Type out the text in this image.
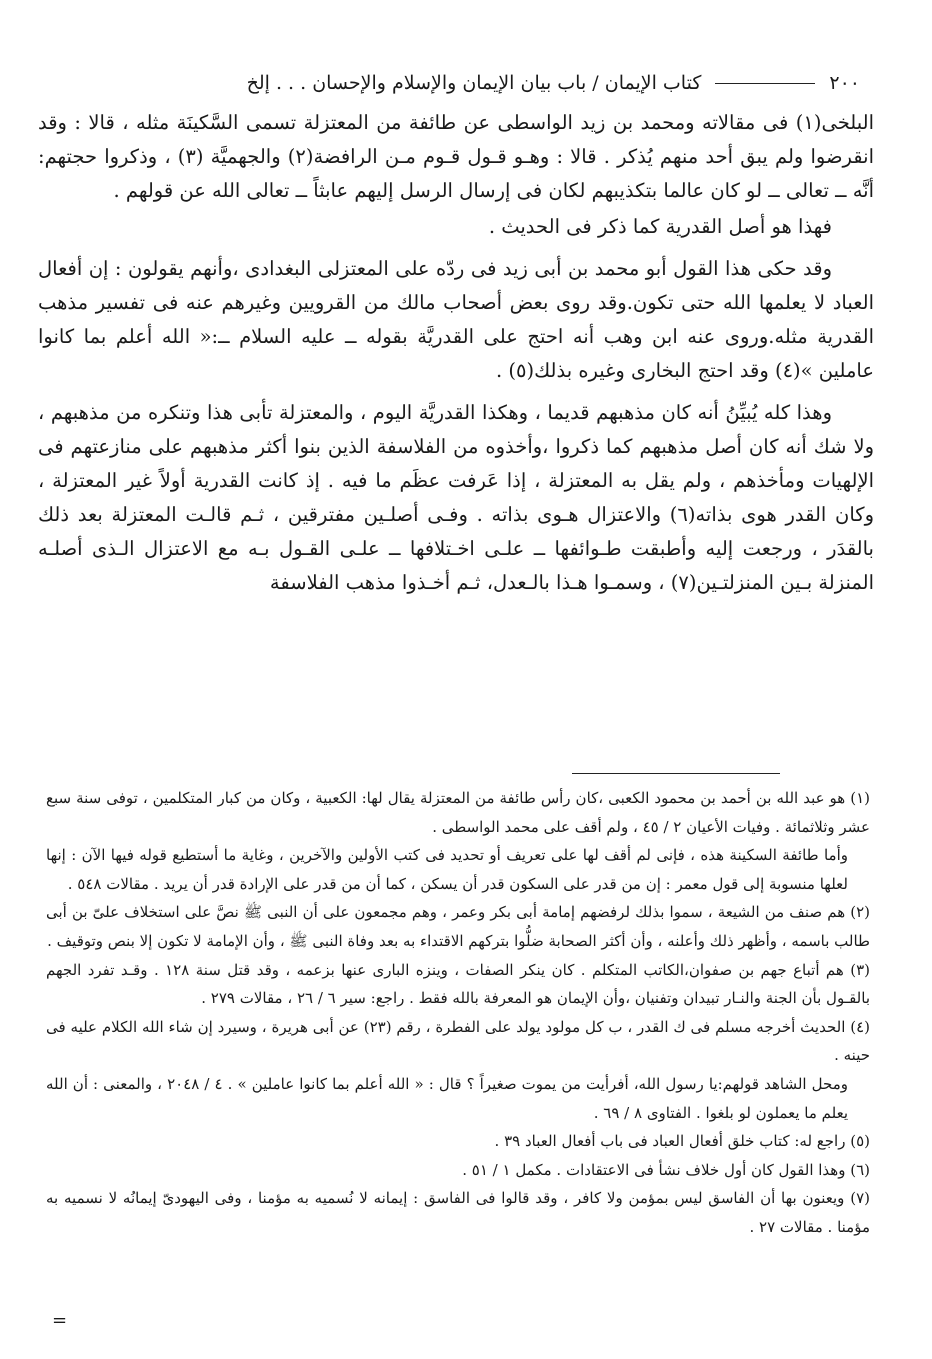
٢٠٠
كتاب الإيمان / باب بيان الإيمان والإسلام والإحسان . . . إلخ

البلخى(١) فى مقالاته ومحمد بن زيد الواسطى عن طائفة من المعتزلة تسمى السَّكينَة مثله ، قالا : وقد انقرضوا ولم يبق أحد منهم يُذكر . قالا : وهـو قـول قـوم مـن الرافضة(٢) والجهميَّة (٣) ، وذكروا حجتهم: أنَّه ــ تعالى ــ لو كان عالما بتكذيبهم لكان فى إرسال الرسل إليهم عابثاً ــ تعالى الله عن قولهم .

فهذا هو أصل القدرية كما ذكر فى الحديث .

وقد حكى هذا القول أبو محمد بن أبى زيد فى ردّه على المعتزلى البغدادى ،وأنهم يقولون : إن أفعال العباد لا يعلمها الله حتى تكون.وقد روى بعض أصحاب مالك من القرويين وغيرهم عنه فى تفسير مذهب القدرية مثله.وروى عنه ابن وهب أنه احتج على القدريَّة بقوله ــ عليه السلام ــ:« الله أعلم بما كانوا عاملين »(٤) وقد احتج البخارى وغيره بذلك(٥) .

وهذا كله يُبيِّنُ أنه كان مذهبهم قديما ، وهكذا القدريَّة اليوم ، والمعتزلة تأبى هذا وتنكره من مذهبهم ، ولا شك أنه كان أصل مذهبهم كما ذكروا ،وأخذوه من الفلاسفة الذين بنوا أكثر مذهبهم على منازعتهم فى الإلهيات ومأخذهم ، ولم يقل به المعتزلة ، إذا عَرفت عظَم ما فيه . إذ كانت القدرية أولاً غير المعتزلة ، وكان القدر هوى بذاته(٦) والاعتزال هـوى بذاته . وفـى أصلـين مفترقين ، ثـم قالـت المعتزلة بعد ذلك بالقدَر ، ورجعت إليه وأطبقت طـوائفها ــ علـى اخـتلافها ــ علـى القـول بـه مع الاعتزال الـذى أصلـه المنزلة بـين المنزلتـين(٧) ، وسمـوا هـذا بالـعدل، ثـم أخـذوا مذهب الفلاسفة

(١) هو عبد الله بن أحمد بن محمود الكعبى ،كان رأس طائفة من المعتزلة يقال لها: الكعبية ، وكان من كبار المتكلمين ، توفى سنة سبع عشر وثلاثمائة . وفيات الأعيان ٢ / ٤٥ ، ولم أقف على محمد الواسطى .

وأما طائفة السكينة هذه ، فإنى لم أقف لها على تعريف أو تحديد فى كتب الأولين والآخرين ، وغاية ما أستطيع قوله فيها الآن : إنها لعلها منسوبة إلى قول معمر : إن من قدر على السكون قدر أن يسكن ، كما أن من قدر على الإرادة قدر أن يريد . مقالات ٥٤٨ .

(٢) هم صنف من الشيعة ، سموا بذلك لرفضهم إمامة أبى بكر وعمر ، وهم مجمعون على أن النبى ﷺ نصَّ على استخلاف علىّ بن أبى طالب باسمه ، وأظهر ذلك وأعلنه ، وأن أكثر الصحابة ضلُّوا بتركهم الاقتداء به بعد وفاة النبى ﷺ ، وأن الإمامة لا تكون إلا بنص وتوقيف .

(٣) هم أتباع جهم بن صفوان،الكاتب المتكلم . كان ينكر الصفات ، وينزه البارى عنها بزعمه ، وقد قتل سنة ١٢٨ . وقـد تفرد الجهم بالقـول بأن الجنة والنـار تبيدان وتفنيان ،وأن الإيمان هو المعرفة بالله فقط . راجع: سير ٦ / ٢٦ ، مقالات ٢٧٩ .

(٤) الحديث أخرجه مسلم فى ك القدر ، ب كل مولود يولد على الفطرة ، رقم (٢٣) عن أبى هريرة ، وسيرد إن شاء الله الكلام عليه فى حينه .

ومحل الشاهد قولهم:يا رسول الله، أفرأيت من يموت صغيراً ؟ قال : « الله أعلم بما كانوا عاملين » . ٤ / ٢٠٤٨ ، والمعنى : أن الله يعلم ما يعملون لو بلغوا . الفتاوى ٨ / ٦٩ .

(٥) راجع له: كتاب خلق أفعال العباد فى باب أفعال العباد ٣٩ .

(٦) وهذا القول كان أول خلاف نشأ فى الاعتقادات . مكمل ١ / ٥١ .

(٧) ويعنون بها أن الفاسق ليس بمؤمن ولا كافر ، وقد قالوا فى الفاسق : إيمانه لا نُسميه به مؤمنا ، وفى اليهودىّ إيمانُه لا نسميه به مؤمنا . مقالات ٢٧ .

=
